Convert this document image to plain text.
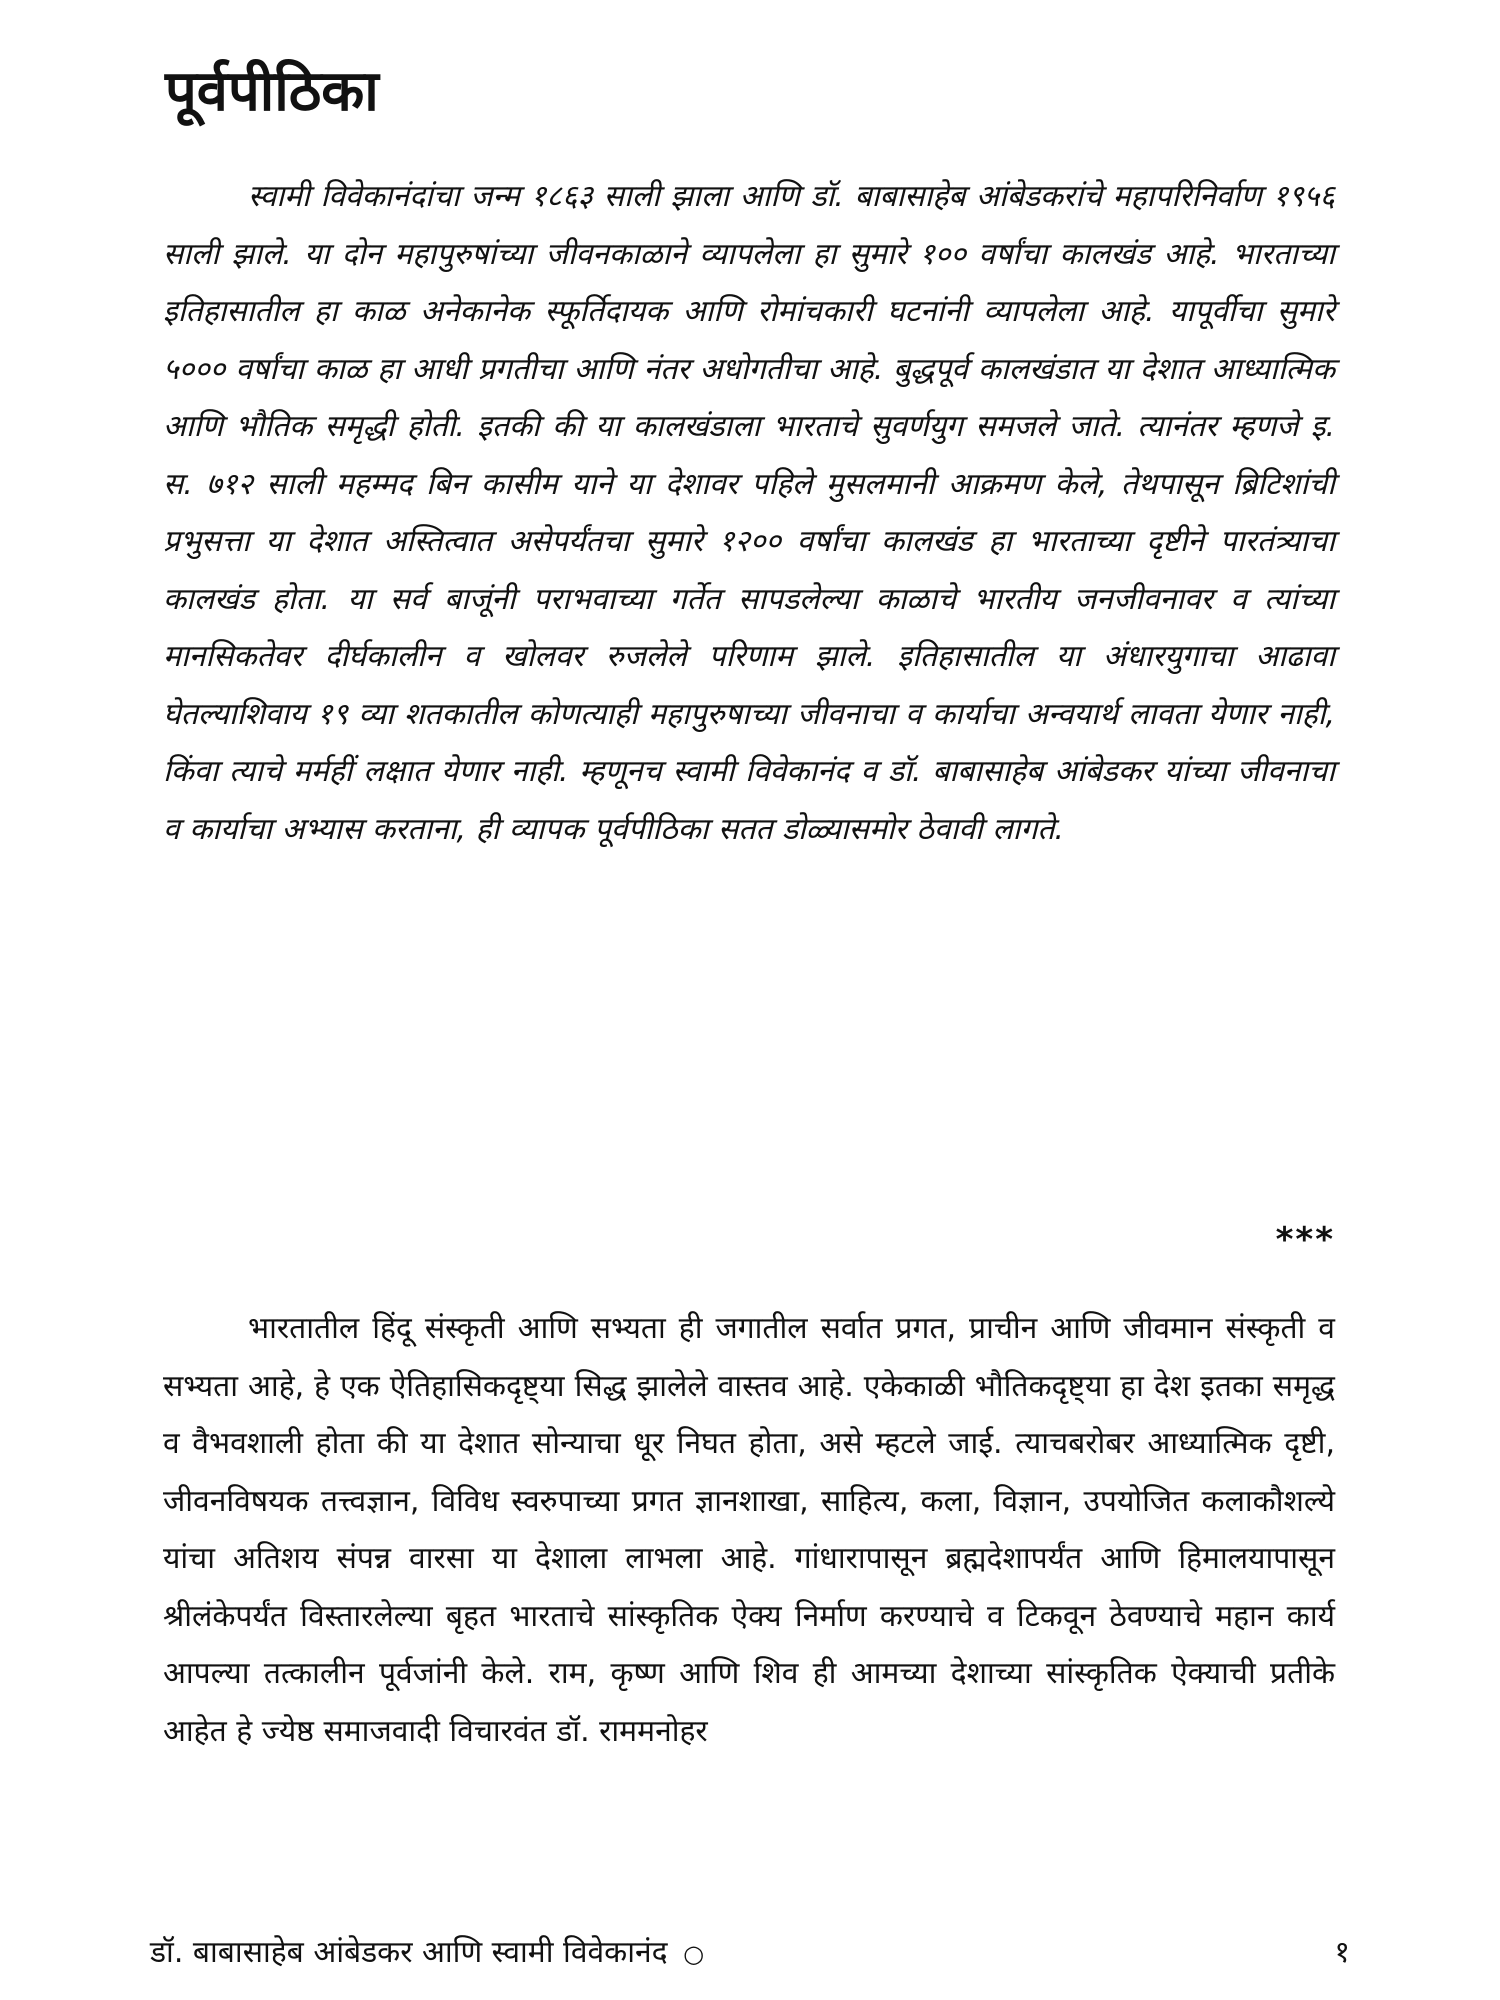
पूर्वपीठिका

स्वामी विवेकानंदांचा जन्म १८६३ साली झाला आणि डॉ. बाबासाहेब आंबेडकरांचे महापरिनिर्वाण १९५६ साली झाले. या दोन महापुरुषांच्या जीवनकाळाने व्यापलेला हा सुमारे १०० वर्षांचा कालखंड आहे. भारताच्या इतिहासातील हा काळ अनेकानेक स्फूर्तिदायक आणि रोमांचकारी घटनांनी व्यापलेला आहे. यापूर्वीचा सुमारे ५००० वर्षांचा काळ हा आधी प्रगतीचा आणि नंतर अधोगतीचा आहे. बुद्धपूर्व कालखंडात या देशात आध्यात्मिक आणि भौतिक समृद्धी होती. इतकी की या कालखंडाला भारताचे सुवर्णयुग समजले जाते. त्यानंतर म्हणजे इ. स. ७१२ साली महम्मद बिन कासीम याने या देशावर पहिले मुसलमानी आक्रमण केले, तेथपासून ब्रिटिशांची प्रभुसत्ता या देशात अस्तित्वात असेपर्यंतचा सुमारे १२०० वर्षांचा कालखंड हा भारताच्या दृष्टीने पारतंत्र्याचा कालखंड होता. या सर्व बाजूंनी पराभवाच्या गर्तेत सापडलेल्या काळाचे भारतीय जनजीवनावर व त्यांच्या मानसिकतेवर दीर्घकालीन व खोलवर रुजलेले परिणाम झाले. इतिहासातील या अंधारयुगाचा आढावा घेतल्याशिवाय १९ व्या शतकातील कोणत्याही महापुरुषाच्या जीवनाचा व कार्याचा अन्वयार्थ लावता येणार नाही, किंवा त्याचे मर्महीं लक्षात येणार नाही. म्हणूनच स्वामी विवेकानंद व डॉ. बाबासाहेब आंबेडकर यांच्या जीवनाचा व कार्याचा अभ्यास करताना, ही व्यापक पूर्वपीठिका सतत डोळ्यासमोर ठेवावी लागते.

***

भारतातील हिंदू संस्कृती आणि सभ्यता ही जगातील सर्वात प्रगत, प्राचीन आणि जीवमान संस्कृती व सभ्यता आहे, हे एक ऐतिहासिकदृष्ट्या सिद्ध झालेले वास्तव आहे. एकेकाळी भौतिकदृष्ट्या हा देश इतका समृद्ध व वैभवशाली होता की या देशात सोन्याचा धूर निघत होता, असे म्हटले जाई. त्याचबरोबर आध्यात्मिक दृष्टी, जीवनविषयक तत्त्वज्ञान, विविध स्वरुपाच्या प्रगत ज्ञानशाखा, साहित्य, कला, विज्ञान, उपयोजित कलाकौशल्ये यांचा अतिशय संपन्न वारसा या देशाला लाभला आहे. गांधारापासून ब्रह्मदेशापर्यंत आणि हिमालयापासून श्रीलंकेपर्यंत विस्तारलेल्या बृहत भारताचे सांस्कृतिक ऐक्य निर्माण करण्याचे व टिकवून ठेवण्याचे महान कार्य आपल्या तत्कालीन पूर्वजांनी केले. राम, कृष्ण आणि शिव ही आमच्या देशाच्या सांस्कृतिक ऐक्याची प्रतीके आहेत हे ज्येष्ठ समाजवादी विचारवंत डॉ. राममनोहर

डॉ. बाबासाहेब आंबेडकर आणि स्वामी विवेकानंद ○	१
